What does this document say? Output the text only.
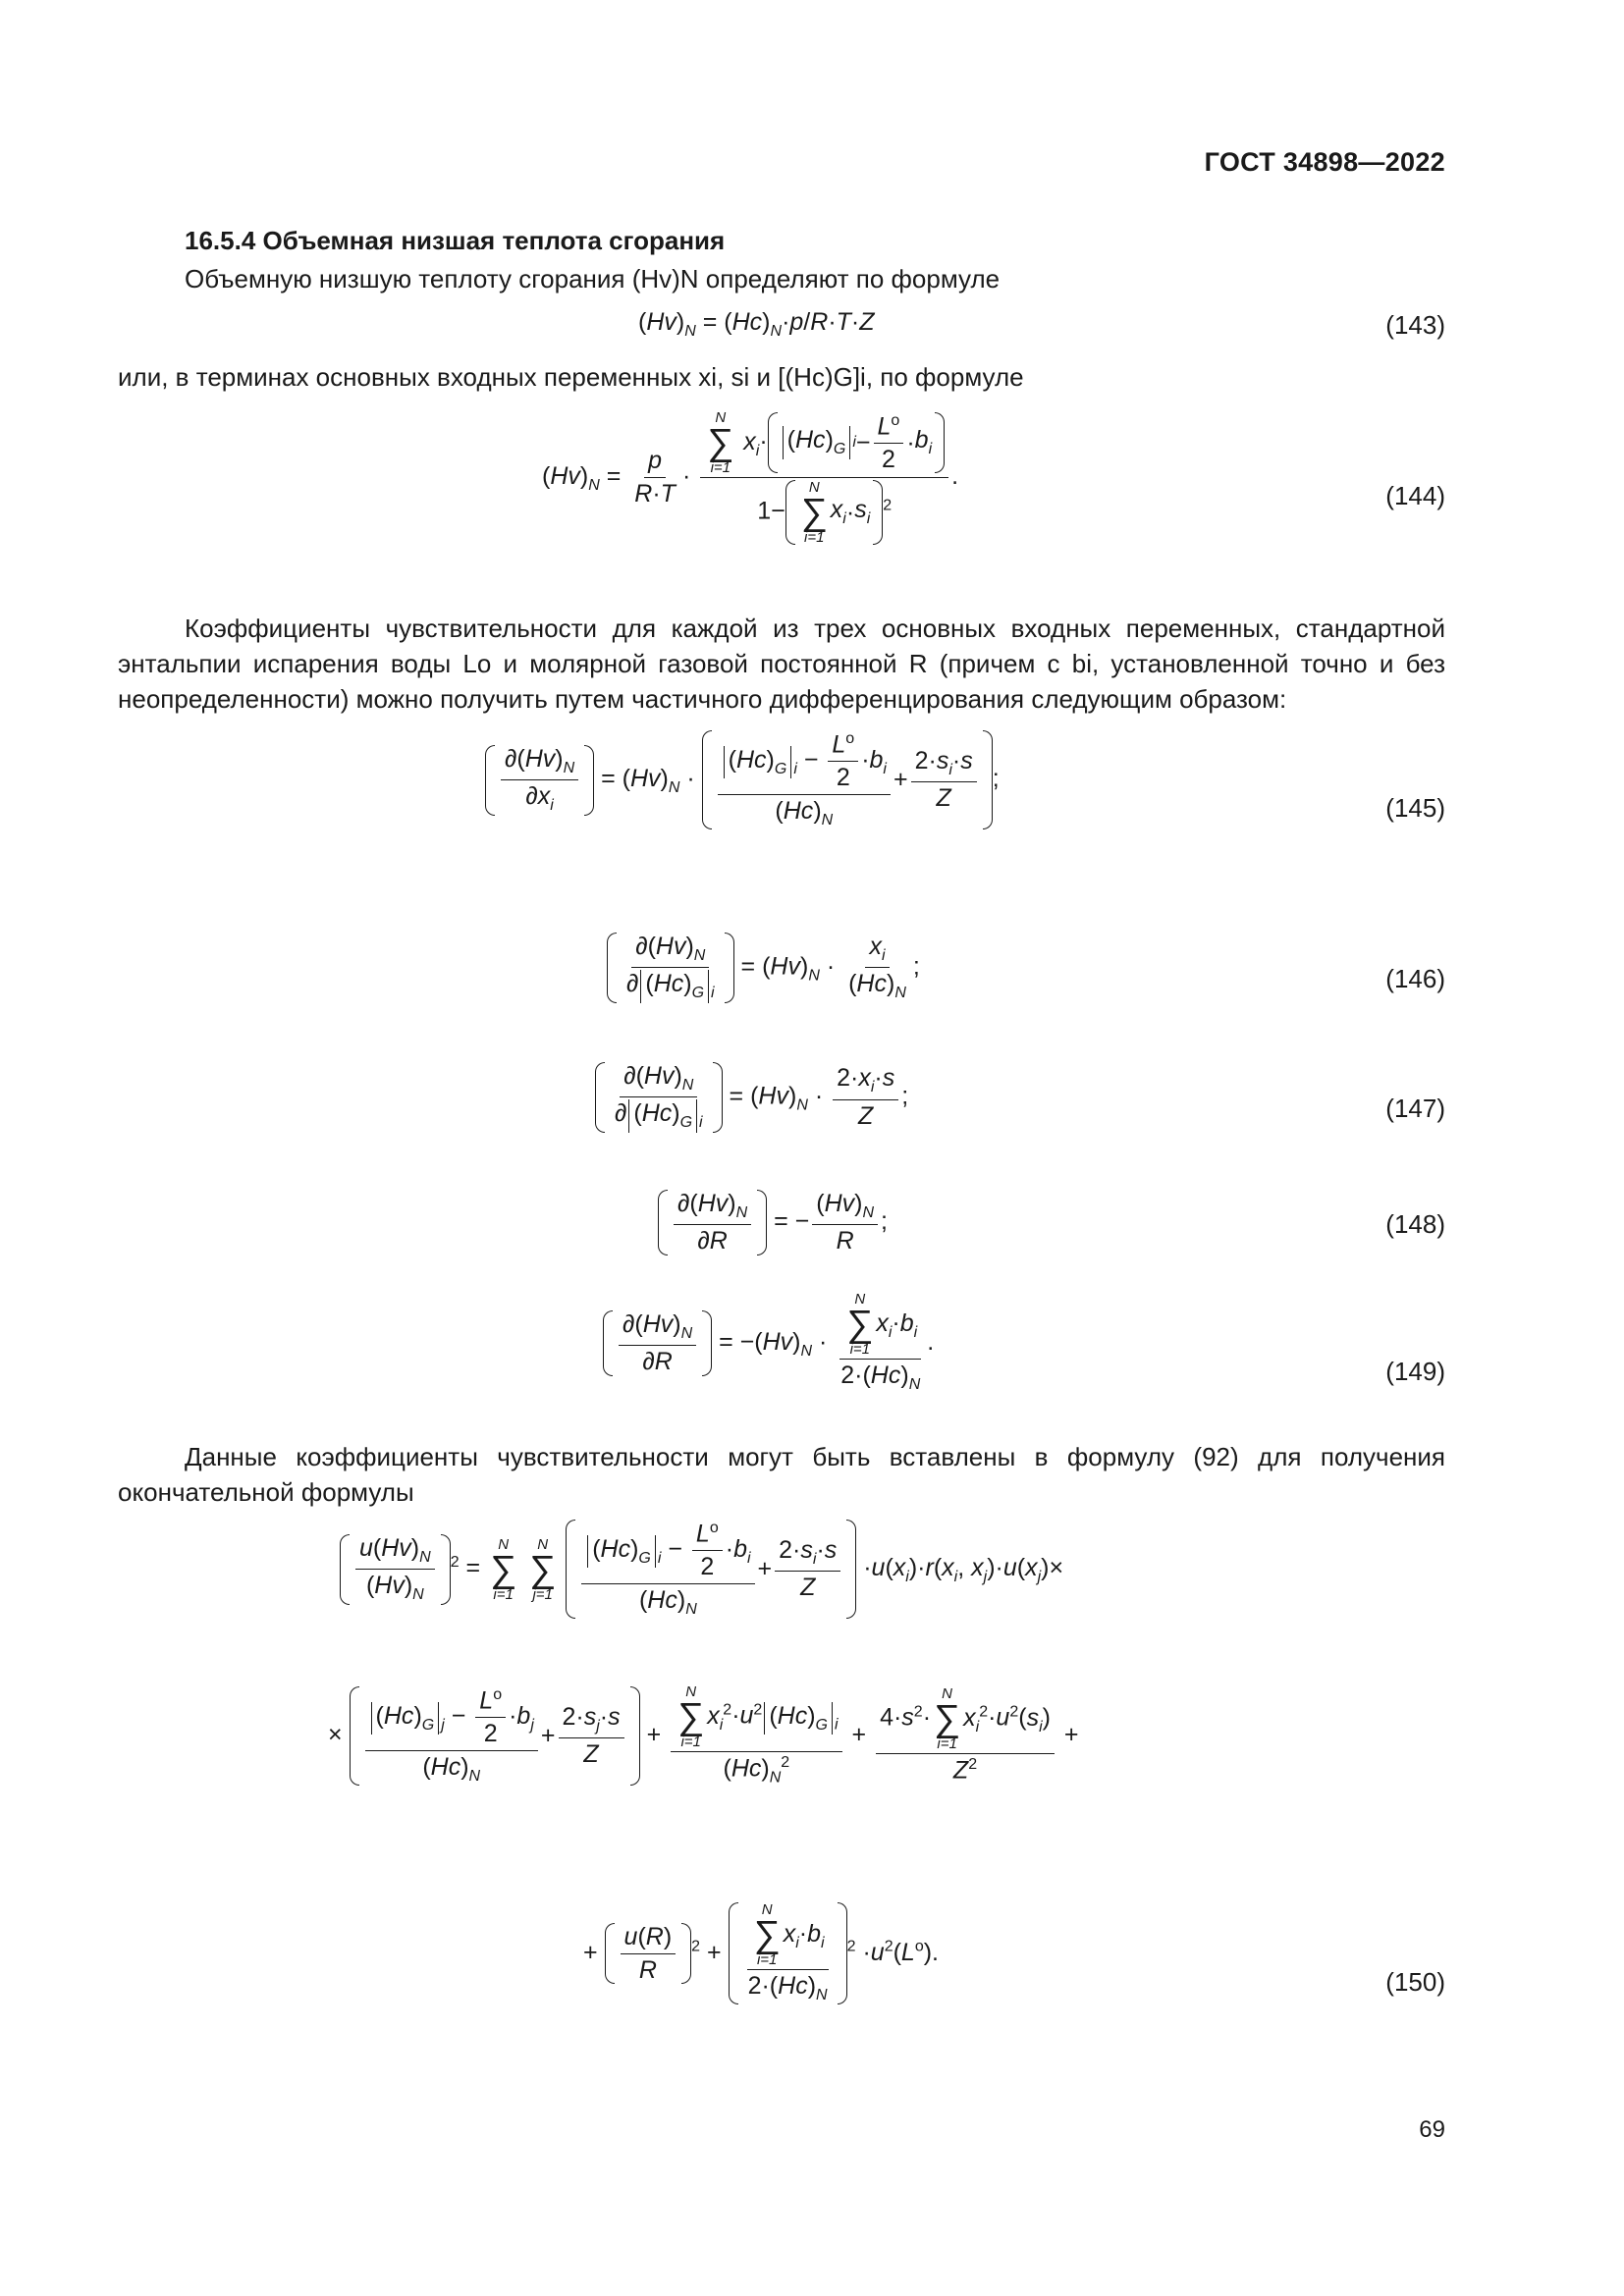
ГОСТ 34898—2022
16.5.4 Объемная низшая теплота сгорания
Объемную низшую теплоту сгорания (Hv)N определяют по формуле
$(Hv)_N = (Hc)_N\cdot p/R\cdot T\cdot Z$	(143)
или, в терминах основных входных переменных xi, si и [(Hc)G]i, по формуле
$(Hv)_N = \frac{p}{R\cdot T} \cdot N$
∑
i=1
$x_i\cdot (Hc)_G$ $i - \frac{L^o}{2} \cdot b_i$
1−
N
∑
i=1
$x_i \cdot s_i$
$^2$ .
(144)
Коэффициенты чувствительности для каждой из трех основных входных переменных, стандартной энтальпии испарения воды Lo и молярной газовой постоянной R (причем с bi, установленной точно и без неопределенности) можно получить путем частичного дифференцирования следующим образом:
$\frac{\partial(Hv)_N}{\partial x_i} = (Hv)_N \cdot \frac{(Hc)_G _i - \frac{L^o}{2} \cdot b_i}{(Hc)_N} + \frac{2\cdot s_i\cdot s}{Z}$ ;
(145)
$\frac{\partial(Hv)_N}{\partial (Hc)_G _i} = (Hv)_N \cdot \frac{x_i}{(Hc)_N}$ ;	(146)
$\frac{\partial(Hv)_N}{\partial (Hc)_G _i} = (Hv)_N \cdot \frac{2\cdot x_i\cdot s}{Z}$ ;	(147)
$\frac{\partial(Hv)_N}{\partial R}$ = − $\frac{(Hv)_N}{R}$ ;	(148)
$\frac{\partial(Hv)_N}{\partial R} = -(Hv)_N \cdot N$
∑
i=1
$x_i\cdot b_i$
$2\cdot(Hc)_N$ .
(149)
Данные коэффициенты чувствительности могут быть вставлены в формулу (92) для получения окончательной формулы
$\frac{u(Hv)_N}{(Hv)_N} ^2$ =
N
∑
i=1

N
∑
j=1
$\frac{(Hc)_G _i - \frac{L^o}{2} \cdot b_i}{(Hc)_N} + \frac{2\cdot s_i\cdot s}{Z} \cdot u(x_i)\cdot r(x_i$, $x_j)\cdot u(x_j)\times$
× $\frac{(Hc)_G _j - \frac{L^o}{2} \cdot b_j}{(Hc)_N} + \frac{2\cdot s_j\cdot s}{Z} + N$
∑
i=1
$x_i^2\cdot u^2$ $(Hc)_G$ $_i$
$(Hc)_N^2 + 4\cdot s^2\cdot$
N
∑
i=1
$x_i^2\cdot u^2(s_i)$
$Z^2$ +
+ $\frac{u(R)}{R} ^2 + N$
∑
i=1
$x_i\cdot b_i$
$2\cdot(Hc)_N$ $^2 \cdot u^2(L^o)$.
(150)
69
